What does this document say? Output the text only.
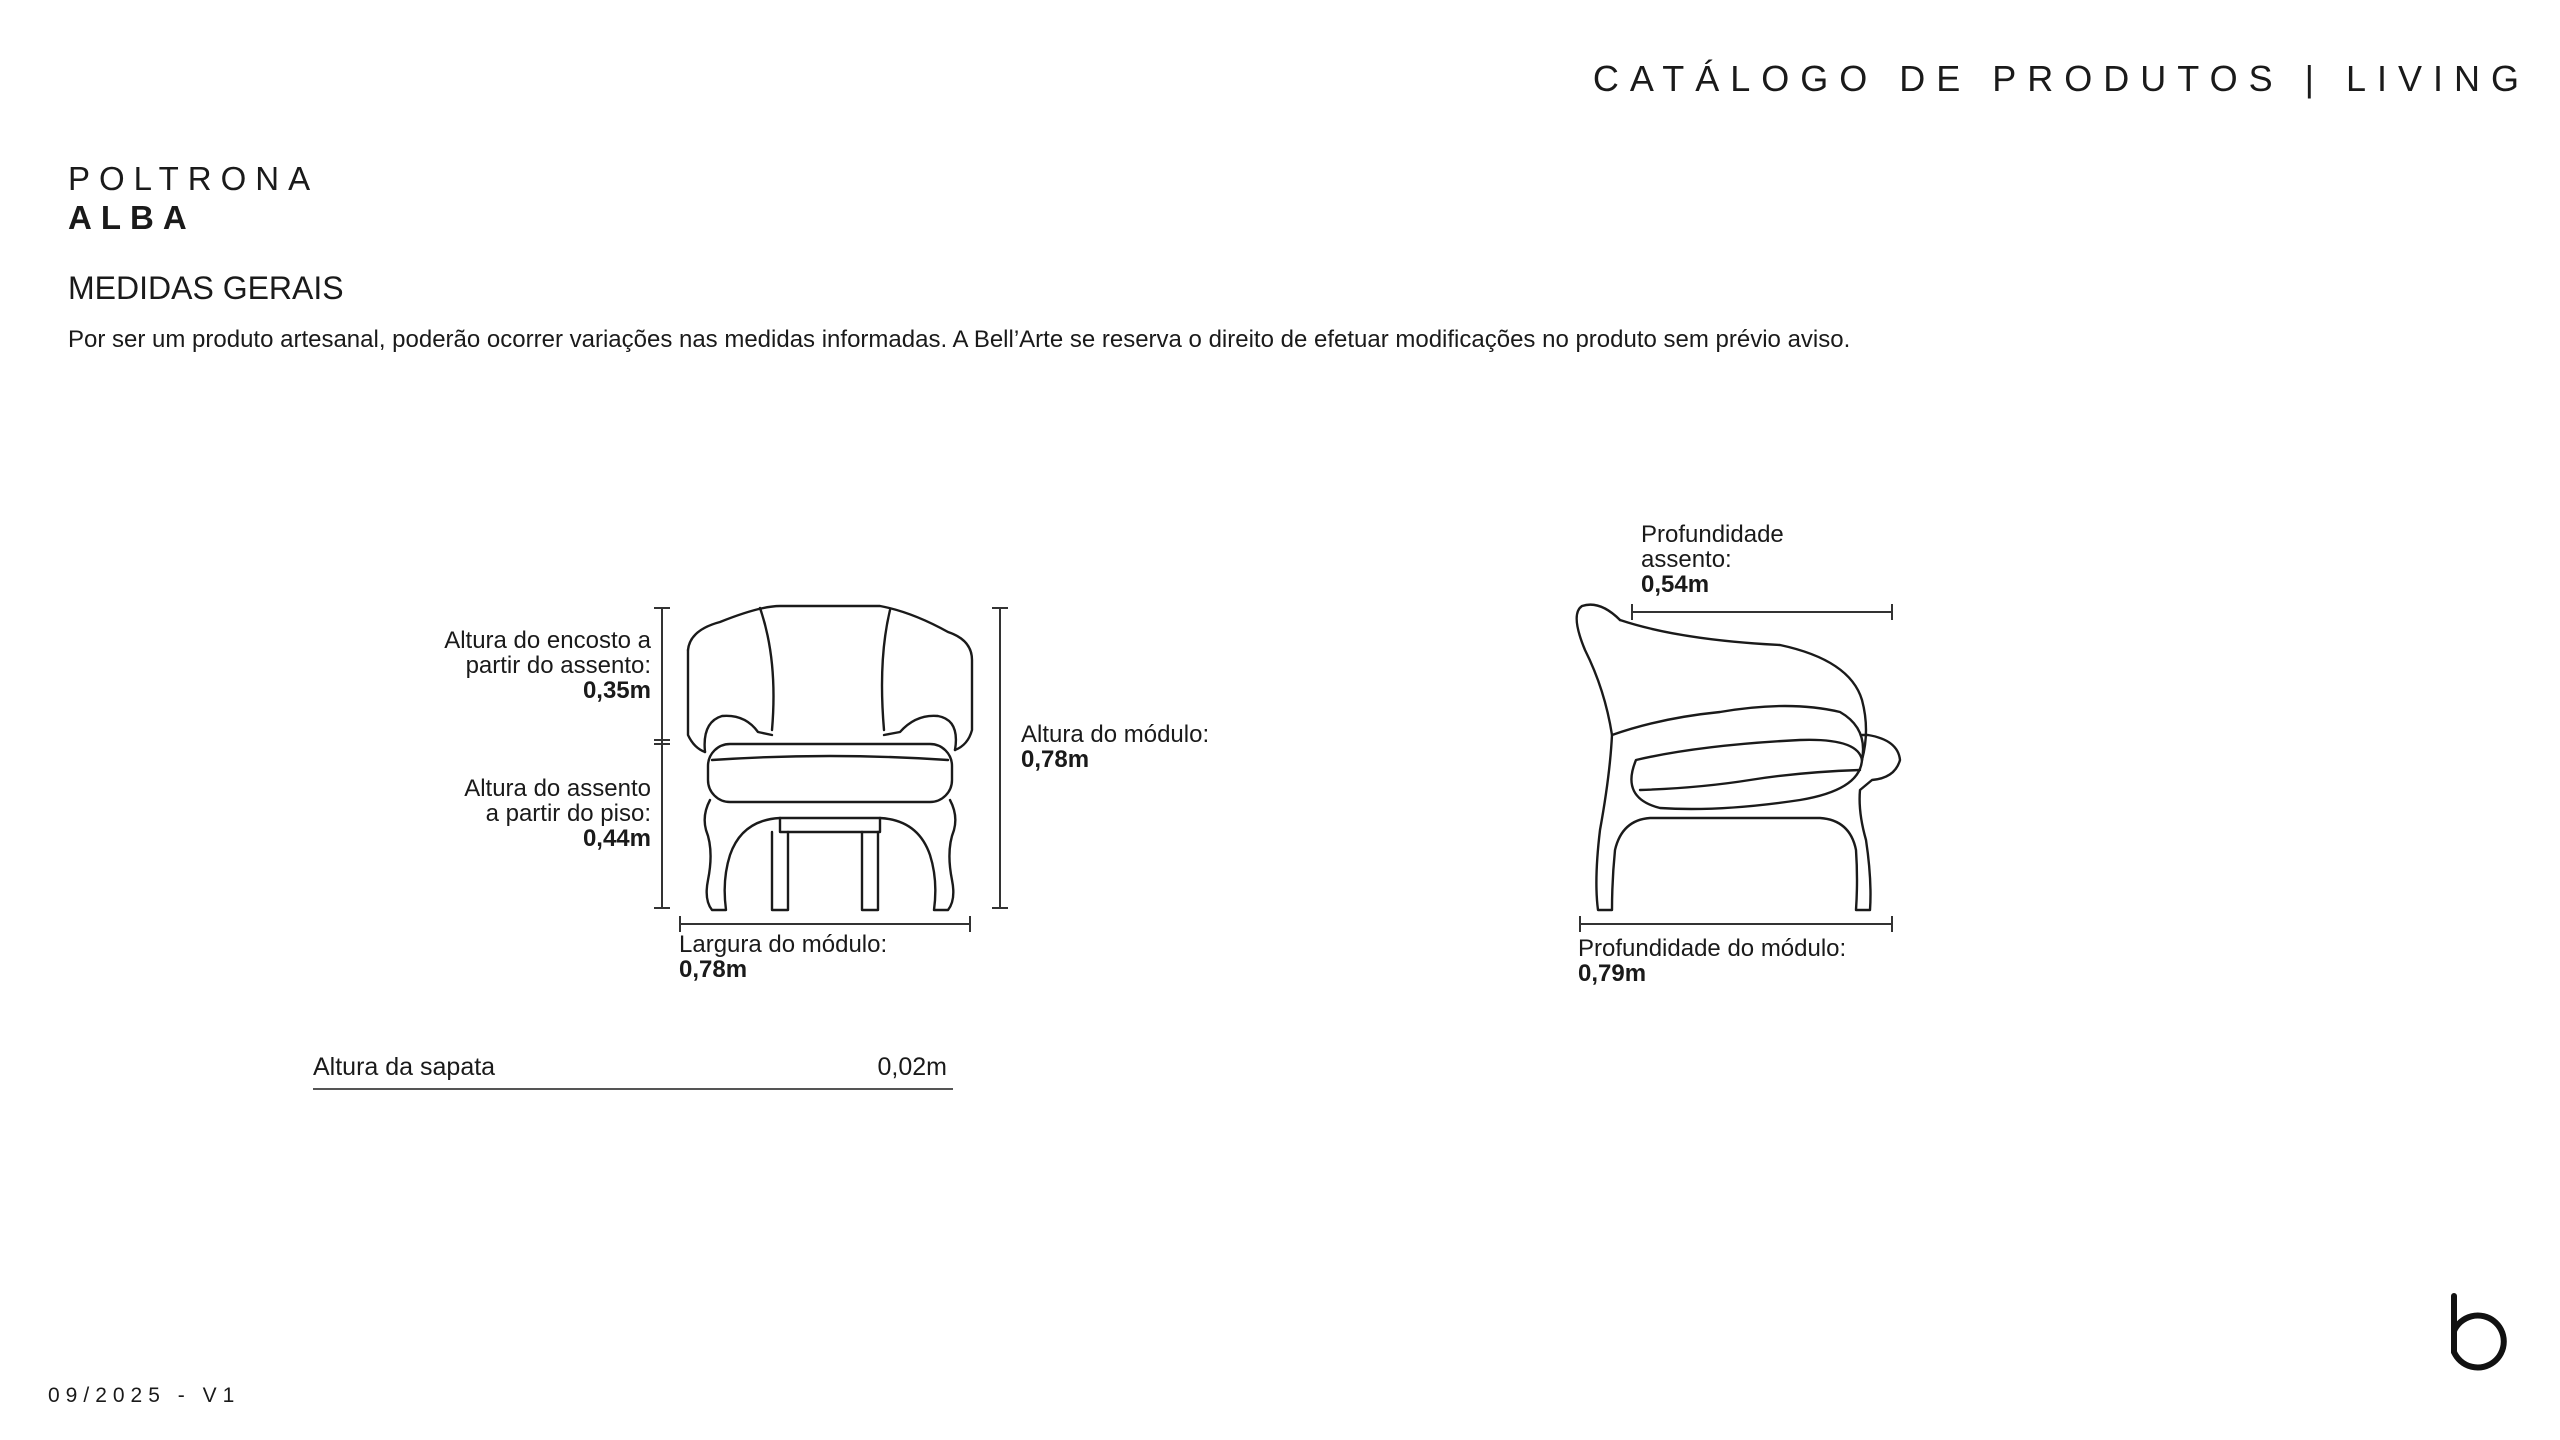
CATÁLOGO DE PRODUTOS | LIVING
POLTRONA
ALBA
MEDIDAS GERAIS
Por ser um produto artesanal, poderão ocorrer variações nas medidas informadas. A Bell’Arte se reserva o direito de efetuar modificações no produto sem prévio aviso.
Altura do encosto a
partir do assento:
0,35m
Altura do assento
a partir do piso:
0,44m
Altura do módulo:
0,78m
Largura do módulo:
0,78m
Profundidade
assento:
0,54m
Profundidade do módulo:
0,79m
Altura da sapata	0,02m
09/2025 - V1
